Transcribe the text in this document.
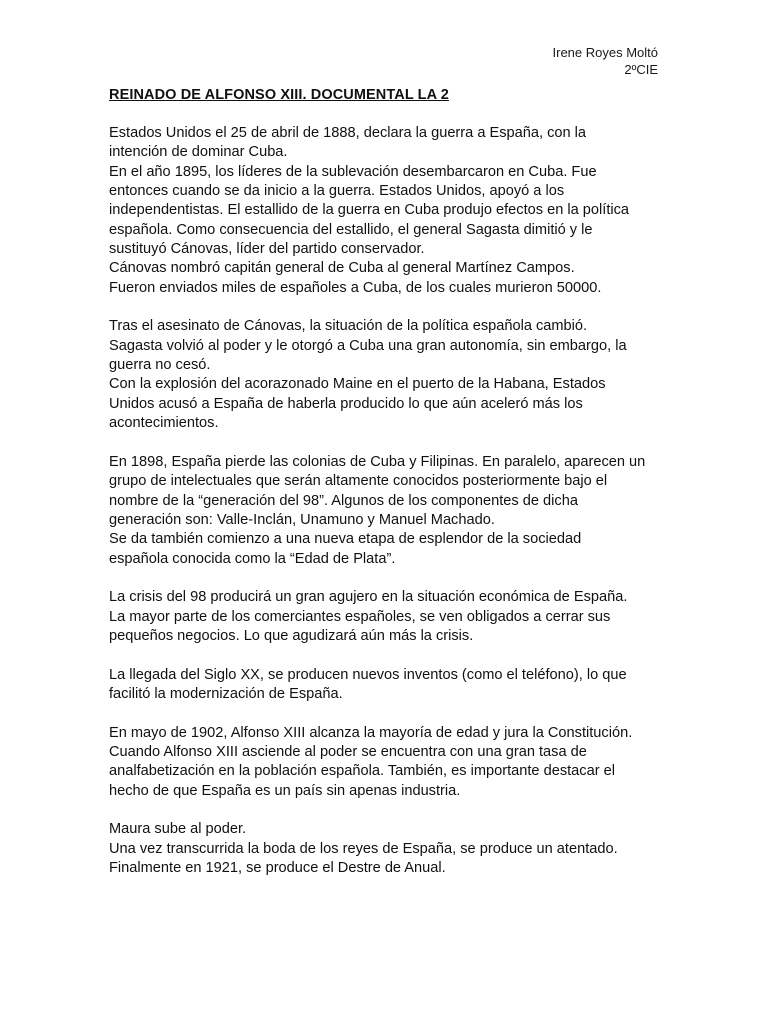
Irene Royes Moltó
2ºCIE
REINADO DE ALFONSO XIII. DOCUMENTAL LA 2

Estados Unidos el 25 de abril de 1888, declara la guerra a España, con la
intención de dominar Cuba.
En el año 1895, los líderes de la sublevación desembarcaron en Cuba. Fue
entonces cuando se da inicio a la guerra. Estados Unidos, apoyó a los
independentistas. El estallido de la guerra en Cuba produjo efectos en la política
española. Como consecuencia del estallido, el general Sagasta dimitió y le
sustituyó Cánovas, líder del partido conservador.
Cánovas nombró capitán general de Cuba al general Martínez Campos.
Fueron enviados miles de españoles a Cuba, de los cuales murieron 50000.

Tras el asesinato de Cánovas, la situación de la política española cambió.
Sagasta volvió al poder y le otorgó a Cuba una gran autonomía, sin embargo, la
guerra no cesó.
Con la explosión del acorazonado Maine en el puerto de la Habana, Estados
Unidos acusó a España de haberla producido lo que aún aceleró más los
acontecimientos.

En 1898, España pierde las colonias de Cuba y Filipinas. En paralelo, aparecen un
grupo de intelectuales que serán altamente conocidos posteriormente bajo el
nombre de la “generación del 98”. Algunos de los componentes de dicha
generación son: Valle-Inclán, Unamuno y Manuel Machado.
Se da también comienzo a una nueva etapa de esplendor de la sociedad
española conocida como la “Edad de Plata”.

La crisis del 98 producirá un gran agujero en la situación económica de España.
La mayor parte de los comerciantes españoles, se ven obligados a cerrar sus
pequeños negocios. Lo que agudizará aún más la crisis.

La llegada del Siglo XX, se producen nuevos inventos (como el teléfono), lo que
facilitó la modernización de España.

En mayo de 1902, Alfonso XIII alcanza la mayoría de edad y jura la Constitución.
Cuando Alfonso XIII asciende al poder se encuentra con una gran tasa de
analfabetización en la población española. También, es importante destacar el
hecho de que España es un país sin apenas industria.

Maura sube al poder.
Una vez transcurrida la boda de los reyes de España, se produce un atentado.
Finalmente en 1921, se produce el Destre de Anual.
